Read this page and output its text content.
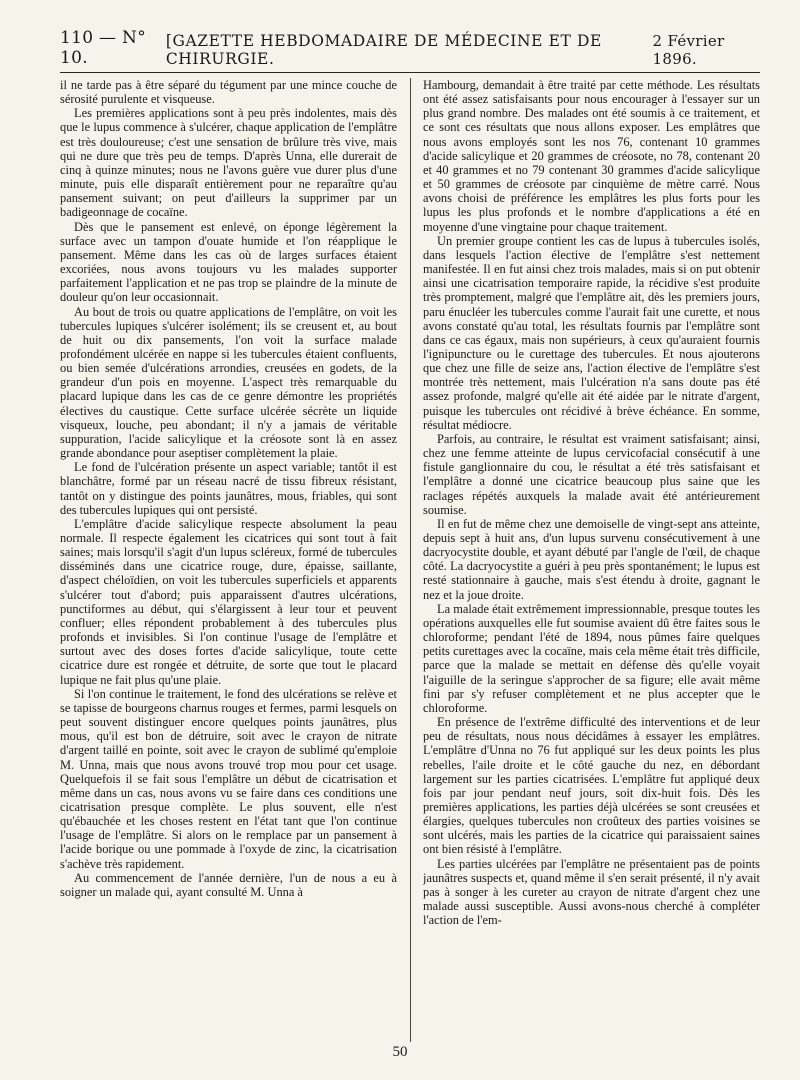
110 — N° 10.
[GAZETTE HEBDOMADAIRE DE MÉDECINE ET DE CHIRURGIE.
2 Février 1896.

il ne tarde pas à être séparé du tégument par une mince couche de sérosité purulente et visqueuse.

Les premières applications sont à peu près indolentes, mais dès que le lupus commence à s'ulcérer, chaque application de l'emplâtre est très douloureuse; c'est une sensation de brûlure très vive, mais qui ne dure que très peu de temps. D'après Unna, elle durerait de cinq à quinze minutes; nous ne l'avons guère vue durer plus d'une minute, puis elle disparaît entièrement pour ne reparaître qu'au pansement suivant; on peut d'ailleurs la supprimer par un badigeonnage de cocaïne.

Dès que le pansement est enlevé, on éponge légèrement la surface avec un tampon d'ouate humide et l'on réapplique le pansement. Même dans les cas où de larges surfaces étaient excoriées, nous avons toujours vu les malades supporter parfaitement l'application et ne pas trop se plaindre de la minute de douleur qu'on leur occasionnait.

Au bout de trois ou quatre applications de l'emplâtre, on voit les tubercules lupiques s'ulcérer isolément; ils se creusent et, au bout de huit ou dix pansements, l'on voit la surface malade profondément ulcérée en nappe si les tubercules étaient confluents, ou bien semée d'ulcérations arrondies, creusées en godets, de la grandeur d'un pois en moyenne. L'aspect très remarquable du placard lupique dans les cas de ce genre démontre les propriétés électives du caustique. Cette surface ulcérée sécrète un liquide visqueux, louche, peu abondant; il n'y a jamais de véritable suppuration, l'acide salicylique et la créosote sont là en assez grande abondance pour aseptiser complètement la plaie.

Le fond de l'ulcération présente un aspect variable; tantôt il est blanchâtre, formé par un réseau nacré de tissu fibreux résistant, tantôt on y distingue des points jaunâtres, mous, friables, qui sont des tubercules lupiques qui ont persisté.

L'emplâtre d'acide salicylique respecte absolument la peau normale. Il respecte également les cicatrices qui sont tout à fait saines; mais lorsqu'il s'agit d'un lupus scléreux, formé de tubercules disséminés dans une cicatrice rouge, dure, épaisse, saillante, d'aspect chéloïdien, on voit les tubercules superficiels et apparents s'ulcérer tout d'abord; puis apparaissent d'autres ulcérations, punctiformes au début, qui s'élargissent à leur tour et peuvent confluer; elles répondent probablement à des tubercules plus profonds et invisibles. Si l'on continue l'usage de l'emplâtre et surtout avec des doses fortes d'acide salicylique, toute cette cicatrice dure est rongée et détruite, de sorte que tout le placard lupique ne fait plus qu'une plaie.

Si l'on continue le traitement, le fond des ulcérations se relève et se tapisse de bourgeons charnus rouges et fermes, parmi lesquels on peut souvent distinguer encore quelques points jaunâtres, plus mous, qu'il est bon de détruire, soit avec le crayon de nitrate d'argent taillé en pointe, soit avec le crayon de sublimé qu'emploie M. Unna, mais que nous avons trouvé trop mou pour cet usage. Quelquefois il se fait sous l'emplâtre un début de cicatrisation et même dans un cas, nous avons vu se faire dans ces conditions une cicatrisation presque complète. Le plus souvent, elle n'est qu'ébauchée et les choses restent en l'état tant que l'on continue l'usage de l'emplâtre. Si alors on le remplace par un pansement à l'acide borique ou une pommade à l'oxyde de zinc, la cicatrisation s'achève très rapidement.

Au commencement de l'année dernière, l'un de nous a eu à soigner un malade qui, ayant consulté M. Unna à

Hambourg, demandait à être traité par cette méthode. Les résultats ont été assez satisfaisants pour nous encourager à l'essayer sur un plus grand nombre. Des malades ont été soumis à ce traitement, et ce sont ces résultats que nous allons exposer. Les emplâtres que nous avons employés sont les nos 76, contenant 10 grammes d'acide salicylique et 20 grammes de créosote, no 78, contenant 20 et 40 grammes et no 79 contenant 30 grammes d'acide salicylique et 50 grammes de créosote par cinquième de mètre carré. Nous avons choisi de préférence les emplâtres les plus forts pour les lupus les plus profonds et le nombre d'applications a été en moyenne d'une vingtaine pour chaque traitement.

Un premier groupe contient les cas de lupus à tubercules isolés, dans lesquels l'action élective de l'emplâtre s'est nettement manifestée. Il en fut ainsi chez trois malades, mais si on put obtenir ainsi une cicatrisation temporaire rapide, la récidive s'est produite très promptement, malgré que l'emplâtre ait, dès les premiers jours, paru énucléer les tubercules comme l'aurait fait une curette, et nous avons constaté qu'au total, les résultats fournis par l'emplâtre sont dans ce cas égaux, mais non supérieurs, à ceux qu'auraient fournis l'ignipuncture ou le curettage des tubercules. Et nous ajouterons que chez une fille de seize ans, l'action élective de l'emplâtre s'est montrée très nettement, mais l'ulcération n'a sans doute pas été assez profonde, malgré qu'elle ait été aidée par le nitrate d'argent, puisque les tubercules ont récidivé à brève échéance. En somme, résultat médiocre.

Parfois, au contraire, le résultat est vraiment satisfaisant; ainsi, chez une femme atteinte de lupus cervicofacial consécutif à une fistule ganglionnaire du cou, le résultat a été très satisfaisant et l'emplâtre a donné une cicatrice beaucoup plus saine que les raclages répétés auxquels la malade avait été antérieurement soumise.

Il en fut de même chez une demoiselle de vingt-sept ans atteinte, depuis sept à huit ans, d'un lupus survenu consécutivement à une dacryocystite double, et ayant débuté par l'angle de l'œil, de chaque côté. La dacryocystite a guéri à peu près spontanément; le lupus est resté stationnaire à gauche, mais s'est étendu à droite, gagnant le nez et la joue droite.

La malade était extrêmement impressionnable, presque toutes les opérations auxquelles elle fut soumise avaient dû être faites sous le chloroforme; pendant l'été de 1894, nous pûmes faire quelques petits curettages avec la cocaïne, mais cela même était très difficile, parce que la malade se mettait en défense dès qu'elle voyait l'aiguille de la seringue s'approcher de sa figure; elle avait même fini par s'y refuser complètement et ne plus accepter que le chloroforme.

En présence de l'extrême difficulté des interventions et de leur peu de résultats, nous nous décidâmes à essayer les emplâtres. L'emplâtre d'Unna no 76 fut appliqué sur les deux points les plus rebelles, l'aile droite et le côté gauche du nez, en débordant largement sur les parties cicatrisées. L'emplâtre fut appliqué deux fois par jour pendant neuf jours, soit dix-huit fois. Dès les premières applications, les parties déjà ulcérées se sont creusées et élargies, quelques tubercules non croûteux des parties voisines se sont ulcérés, mais les parties de la cicatrice qui paraissaient saines ont bien résisté à l'emplâtre.

Les parties ulcérées par l'emplâtre ne présentaient pas de points jaunâtres suspects et, quand même il s'en serait présenté, il n'y avait pas à songer à les cureter au crayon de nitrate d'argent chez une malade aussi susceptible. Aussi avons-nous cherché à compléter l'action de l'em-

50
